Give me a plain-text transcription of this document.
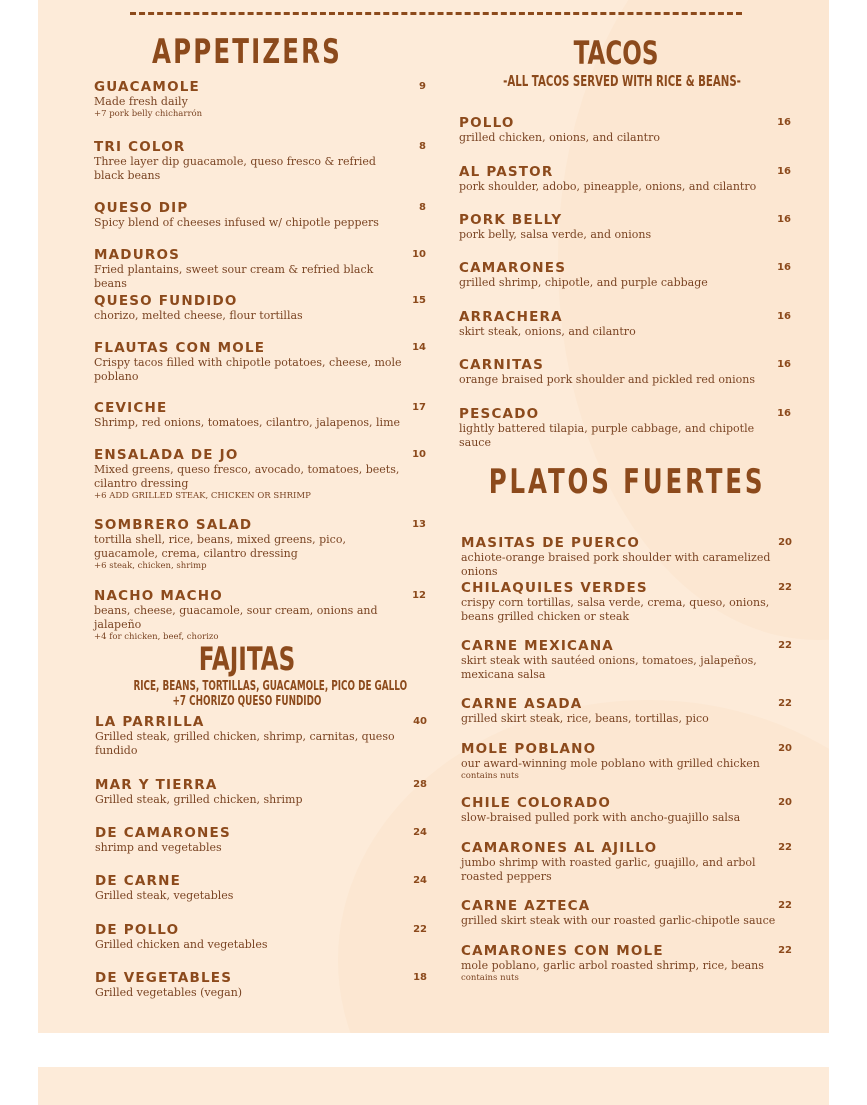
APPETIZERS
FAJITAS
RICE, BEANS, TORTILLAS, GUACAMOLE, PICO DE GALLO
+7 CHORIZO QUESO FUNDIDO
TACOS
-ALL TACOS SERVED WITH RICE & BEANS-
PLATOS FUERTES
GUACAMOLE	9
Made fresh daily
+7 pork belly chicharrón
TRI COLOR	8
Three layer dip guacamole, queso fresco & refried black beans
QUESO DIP	8
Spicy blend of cheeses infused w/ chipotle peppers
MADUROS	10
Fried plantains, sweet sour cream & refried black beans
QUESO FUNDIDO	15
chorizo, melted cheese, flour tortillas
FLAUTAS CON MOLE	14
Crispy tacos filled with chipotle potatoes, cheese, mole poblano
CEVICHE	17
Shrimp, red onions, tomatoes, cilantro, jalapenos, lime
ENSALADA DE JO	10
Mixed greens, queso fresco, avocado, tomatoes, beets, cilantro dressing
+6 ADD GRILLED STEAK, CHICKEN OR SHRIMP
SOMBRERO SALAD	13
tortilla shell, rice, beans, mixed greens, pico, guacamole, crema, cilantro dressing
+6 steak, chicken, shrimp
NACHO MACHO	12
beans, cheese, guacamole, sour cream, onions and jalapeño
+4 for chicken, beef, chorizo
LA PARRILLA	40
Grilled steak, grilled chicken, shrimp, carnitas, queso fundido
MAR Y TIERRA	28
Grilled steak, grilled chicken, shrimp
DE CAMARONES	24
shrimp and vegetables
DE CARNE	24
Grilled steak, vegetables
DE POLLO	22
Grilled chicken and vegetables
DE VEGETABLES	18
Grilled vegetables (vegan)
POLLO	16
grilled chicken, onions, and cilantro
AL PASTOR	16
pork shoulder, adobo, pineapple, onions, and cilantro
PORK BELLY	16
pork belly, salsa verde, and onions
CAMARONES	16
grilled shrimp, chipotle, and purple cabbage
ARRACHERA	16
skirt steak, onions, and cilantro
CARNITAS	16
orange braised pork shoulder and pickled red onions
PESCADO	16
lightly battered tilapia, purple cabbage, and chipotle sauce
MASITAS DE PUERCO	20
achiote-orange braised pork shoulder with caramelized onions
CHILAQUILES VERDES	22
crispy corn tortillas, salsa verde, crema, queso, onions, beans grilled chicken or steak
CARNE MEXICANA	22
skirt steak with sautéed onions, tomatoes, jalapeños, mexicana salsa
CARNE ASADA	22
grilled skirt steak, rice, beans, tortillas, pico
MOLE POBLANO	20
our award-winning mole poblano with grilled chicken
contains nuts
CHILE COLORADO	20
slow-braised pulled pork with ancho-guajillo salsa
CAMARONES AL AJILLO	22
jumbo shrimp with roasted garlic, guajillo, and arbol roasted peppers
CARNE AZTECA	22
grilled skirt steak with our roasted garlic-chipotle sauce
CAMARONES CON MOLE	22
mole poblano, garlic arbol roasted shrimp, rice, beans
contains nuts
